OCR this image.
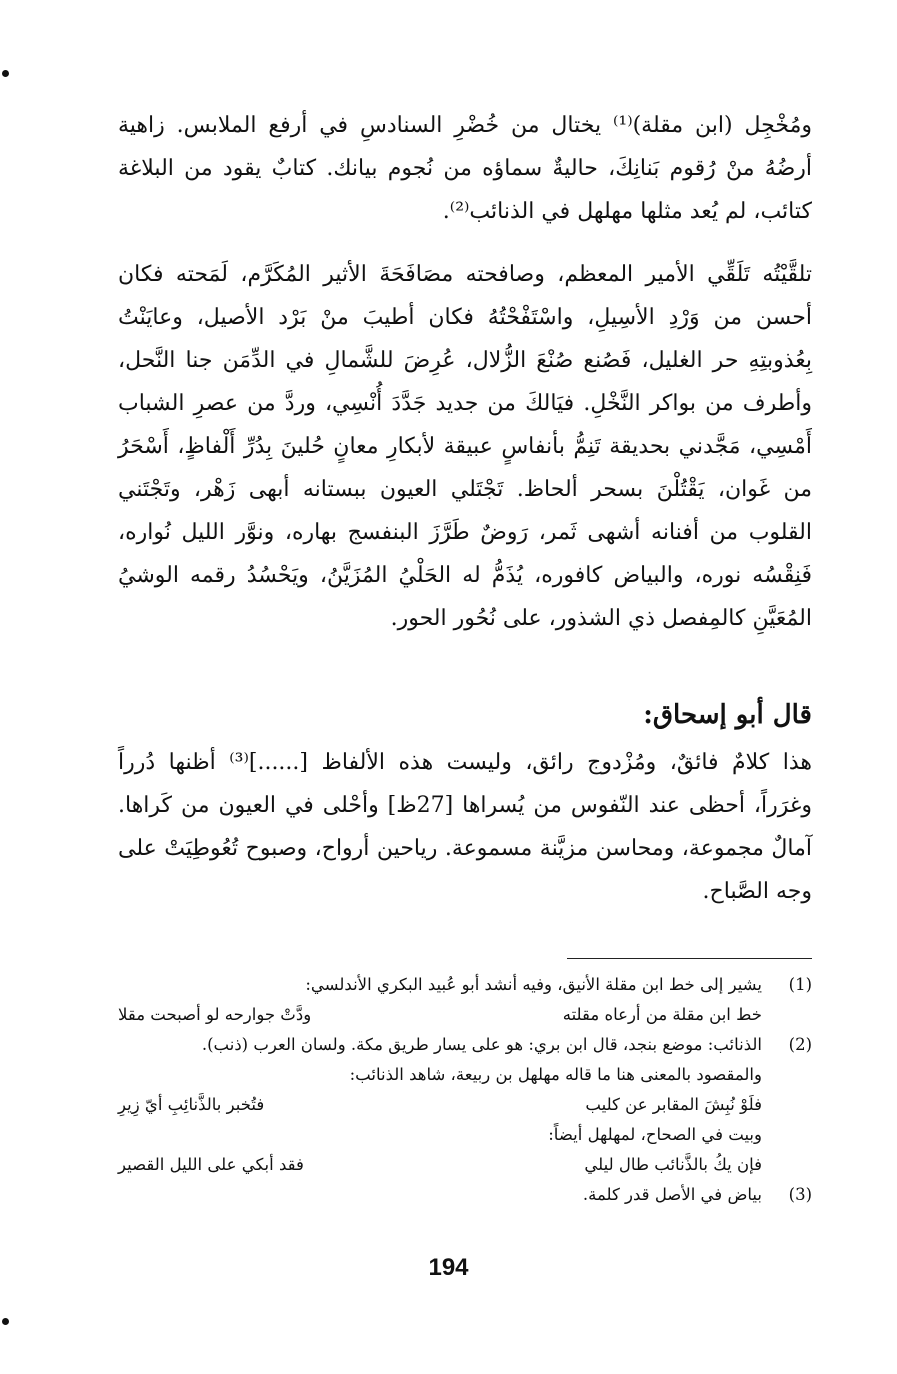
ومُخْجِل (ابن مقلة)⁽¹⁾ يختال من خُضْرِ السنادسِ في أرفع الملابس. زاهية أرضُهُ منْ رُقوم بَنانِكَ، حاليةٌ سماؤه من نُجوم بيانك. كتابٌ يقود من البلاغة كتائب، لم يُعد مثلها مهلهل في الذنائب⁽²⁾.

تلقَّيْتُه تَلَقِّي الأمير المعظم، وصافحته مصَافَحَةَ الأثير المُكَرَّم، لَمَحته فكان أحسن من وَرْدِ الأسِيلِ، واسْتَفْحْتُهُ فكان أطيبَ منْ بَرْد الأصيل، وعايَنْتُ بِعُذوبتِهِ حر الغليل، فَصُنع صُنْعَ الزُّلال، عُرِضَ للشَّمالِ في الدِّمَن جنا النَّحل، وأطرف من بواكر النَّخْلِ. فيَالكَ من جديد جَدَّدَ أُنْسِي، وردَّ من عصرِ الشباب أَمْسِي، مَجَّدني بحديقة تَنِمُّ بأنفاسٍ عبيقة لأبكارِ معانٍ حُلينَ بِدُرِّ أَلْفاظٍ، أَسْحَرُ من غَوان، يَقْتُلْنَ بسحر ألحاظ. تَجْتَلي العيون ببستانه أبهى زَهْر، وتَجْتَني القلوب من أفنانه أشهى ثَمر، رَوضٌ طَرَّزَ البنفسج بهاره، ونوَّر الليل نُواره، فَنِقْسُه نوره، والبياض كافوره، يُذَمُّ له الحَلْيُ المُزَيَّنُ، ويَحْسُدُ رقمه الوشيُ المُعَيَّنِ كالمِفصل ذي الشذور، على نُحُور الحور.

قال أبو إسحاق:

هذا كلامٌ فائقٌ، ومُزْدوج رائق، وليست هذه الألفاظ [......]⁽³⁾ أظنها دُرراً وغرَراً، أحظى عند النّفوس من يُسراها [27ظ] وأحْلى في العيون من كَراها. آمالٌ مجموعة، ومحاسن مزيَّنة مسموعة. رياحين أرواح، وصبوح تُعُوطِيَتْ على وجه الصَّباح.

(1)
يشير إلى خط ابن مقلة الأنيق، وفيه أنشد أبو عُبيد البكري الأندلسي:
خط ابن مقلة من أرعاه مقلته
ودَّتْ جوارحه لو أصبحت مقلا
(2)
الذنائب: موضع بنجد، قال ابن بري: هو على يسار طريق مكة. ولسان العرب (ذنب).
والمقصود بالمعنى هنا ما قاله مهلهل بن ربيعة، شاهد الذنائب:
فلَوْ نُبِشَ المقابر عن كليب
فتُخبر بالذَّنائِبِ أيّ زِيرِ
وبيت في الصحاح، لمهلهل أيضاً:
فإن يكُ بالذَّنائب طال ليلي
فقد أبكي على الليل القصير
(3)
بياض في الأصل قدر كلمة.
194
